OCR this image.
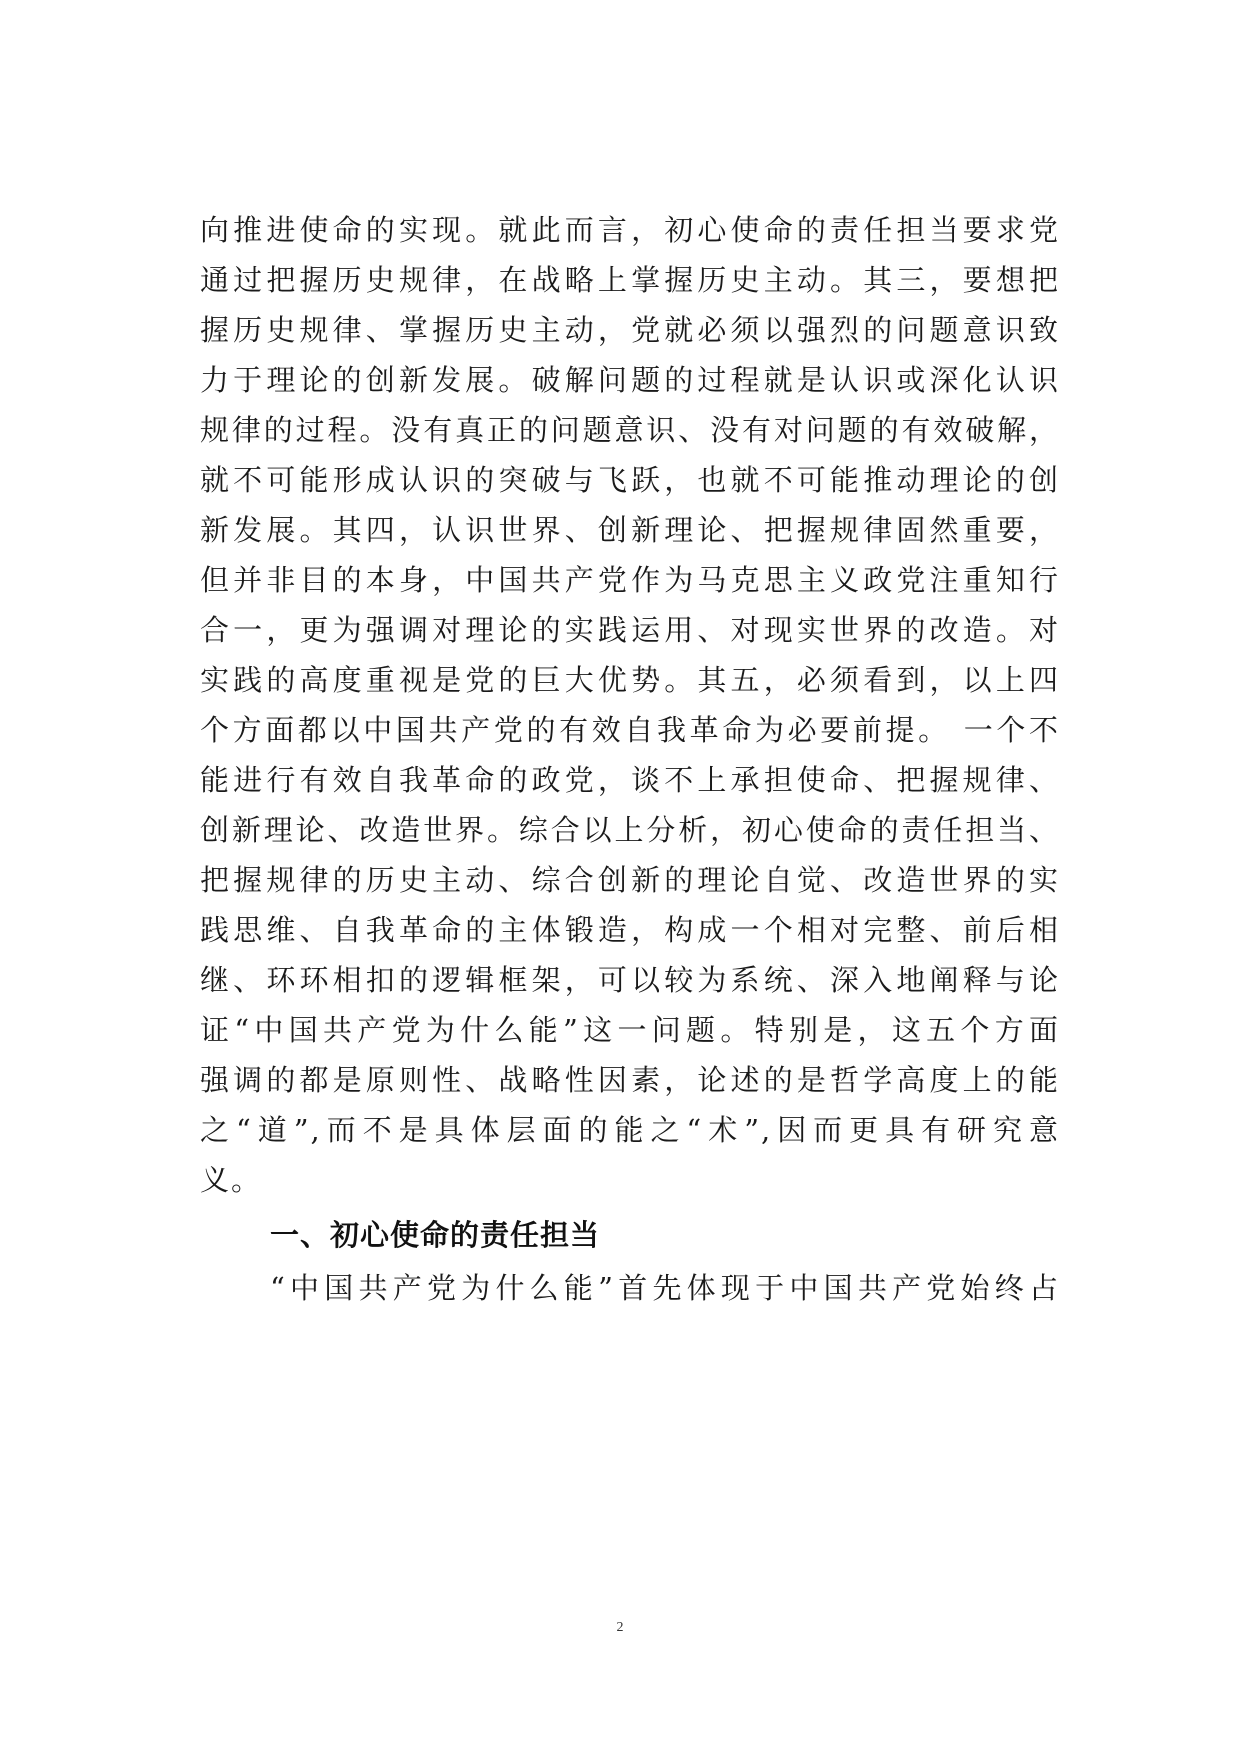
向推进使命的实现。就此而言，初心使命的责任担当要求党
通过把握历史规律，在战略上掌握历史主动。其三，要想把
握历史规律、掌握历史主动，党就必须以强烈的问题意识致
力于理论的创新发展。破解问题的过程就是认识或深化认识
规律的过程。没有真正的问题意识、没有对问题的有效破解，
就不可能形成认识的突破与飞跃，也就不可能推动理论的创
新发展。其四，认识世界、创新理论、把握规律固然重要，
但并非目的本身，中国共产党作为马克思主义政党注重知行
合一，更为强调对理论的实践运用、对现实世界的改造。对
实践的高度重视是党的巨大优势。其五，必须看到，以上四
个方面都以中国共产党的有效自我革命为必要前提。 一个不
能进行有效自我革命的政党，谈不上承担使命、把握规律、
创新理论、改造世界。综合以上分析，初心使命的责任担当、
把握规律的历史主动、综合创新的理论自觉、改造世界的实
践思维、自我革命的主体锻造，构成一个相对完整、前后相
继、环环相扣的逻辑框架，可以较为系统、深入地阐释与论
证“中国共产党为什么能”这一问题。特别是，这五个方面
强调的都是原则性、战略性因素，论述的是哲学高度上的能
之“道”,而不是具体层面的能之“术”,因而更具有研究意
义。
一、初心使命的责任担当
“中国共产党为什么能”首先体现于中国共产党始终占
2
